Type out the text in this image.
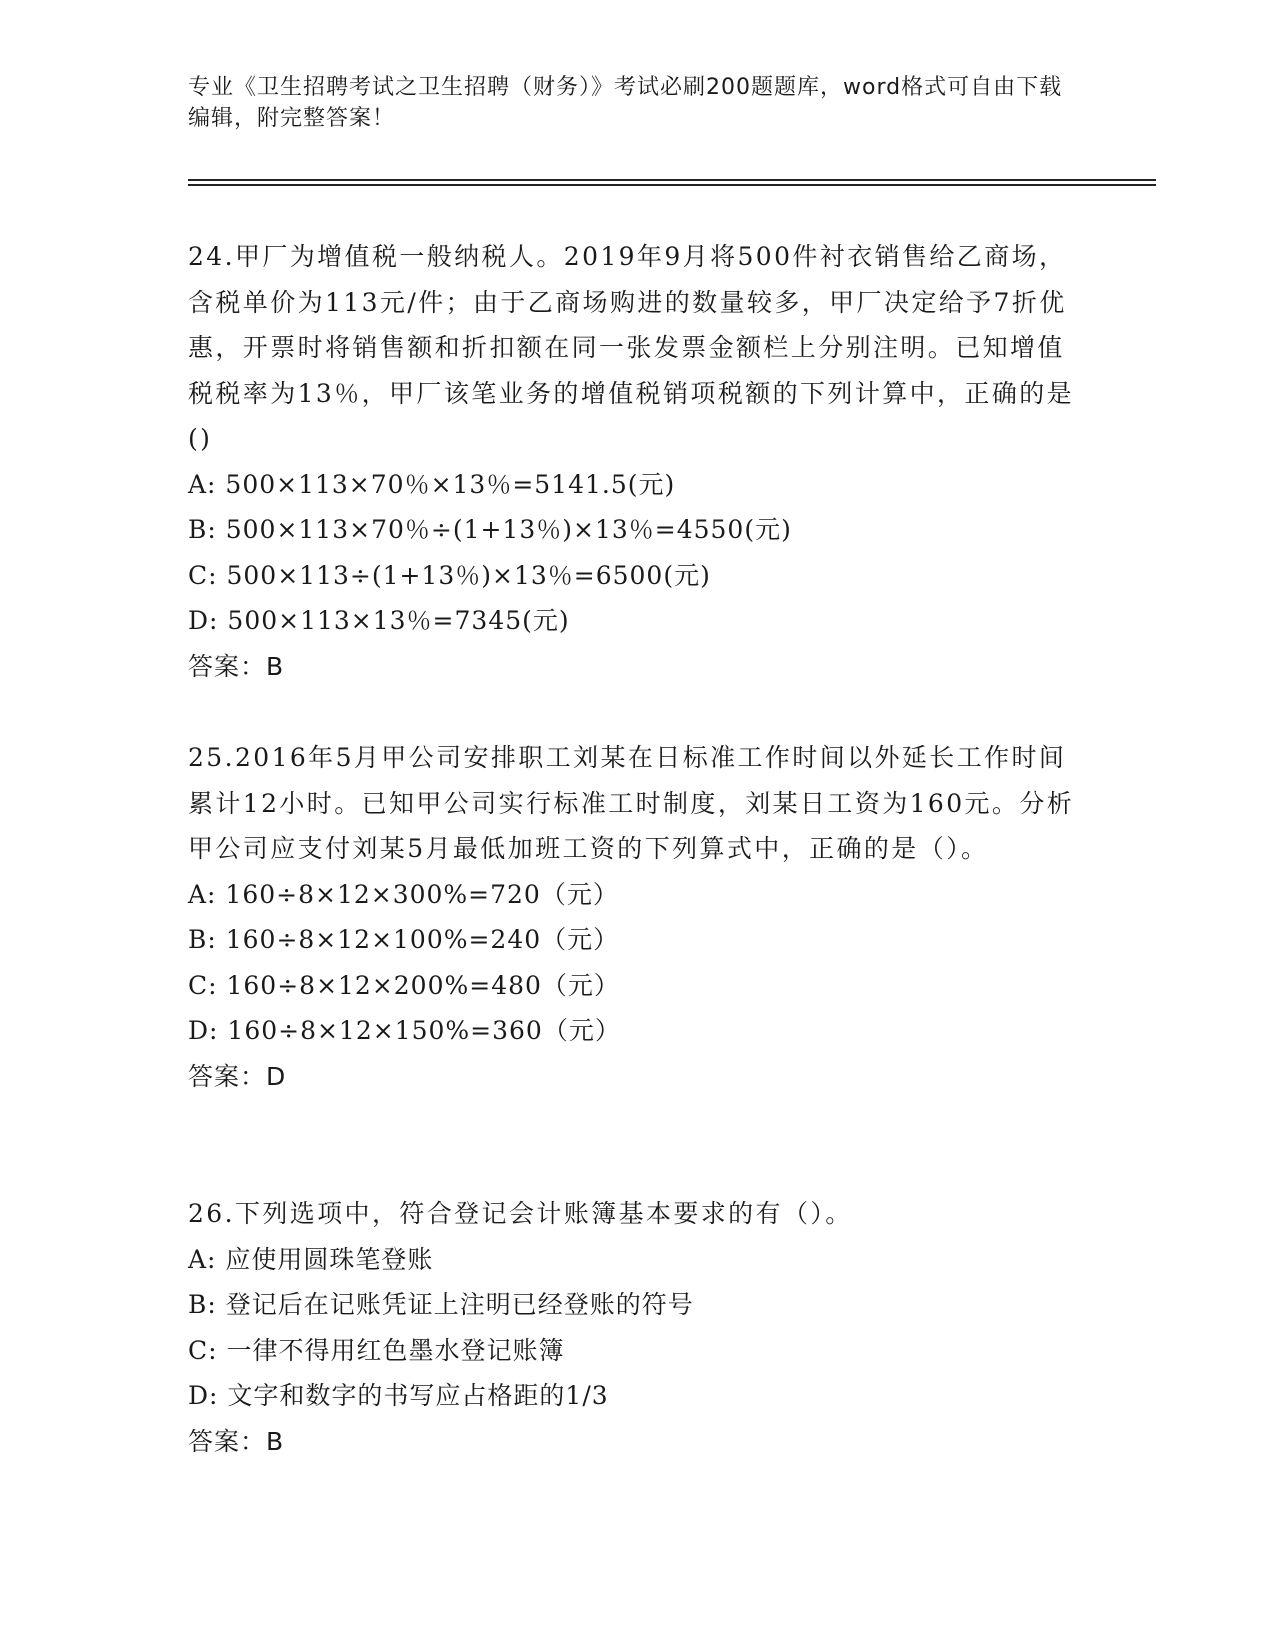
专业《卫生招聘考试之卫生招聘（财务）》考试必刷200题题库，word格式可自由下载编辑，附完整答案！

24.甲厂为增值税一般纳税人。2019年9月将500件衬衣销售给乙商场，含税单价为113元/件；由于乙商场购进的数量较多，甲厂决定给予7折优惠，开票时将销售额和折扣额在同一张发票金额栏上分别注明。已知增值税税率为13％，甲厂该笔业务的增值税销项税额的下列计算中，正确的是()

A: 500×113×70％×13％=5141.5(元)

B: 500×113×70％÷(1+13％)×13％=4550(元)

C: 500×113÷(1+13％)×13％=6500(元)

D: 500×113×13％=7345(元)

答案：B

25.2016年5月甲公司安排职工刘某在日标准工作时间以外延长工作时间累计12小时。已知甲公司实行标准工时制度，刘某日工资为160元。分析甲公司应支付刘某5月最低加班工资的下列算式中，正确的是（）。

A: 160÷8×12×300%=720（元）

B: 160÷8×12×100%=240（元）

C: 160÷8×12×200%=480（元）

D: 160÷8×12×150%=360（元）

答案：D

26.下列选项中，符合登记会计账簿基本要求的有（）。

A: 应使用圆珠笔登账

B: 登记后在记账凭证上注明已经登账的符号

C: 一律不得用红色墨水登记账簿

D: 文字和数字的书写应占格距的1/3

答案：B
